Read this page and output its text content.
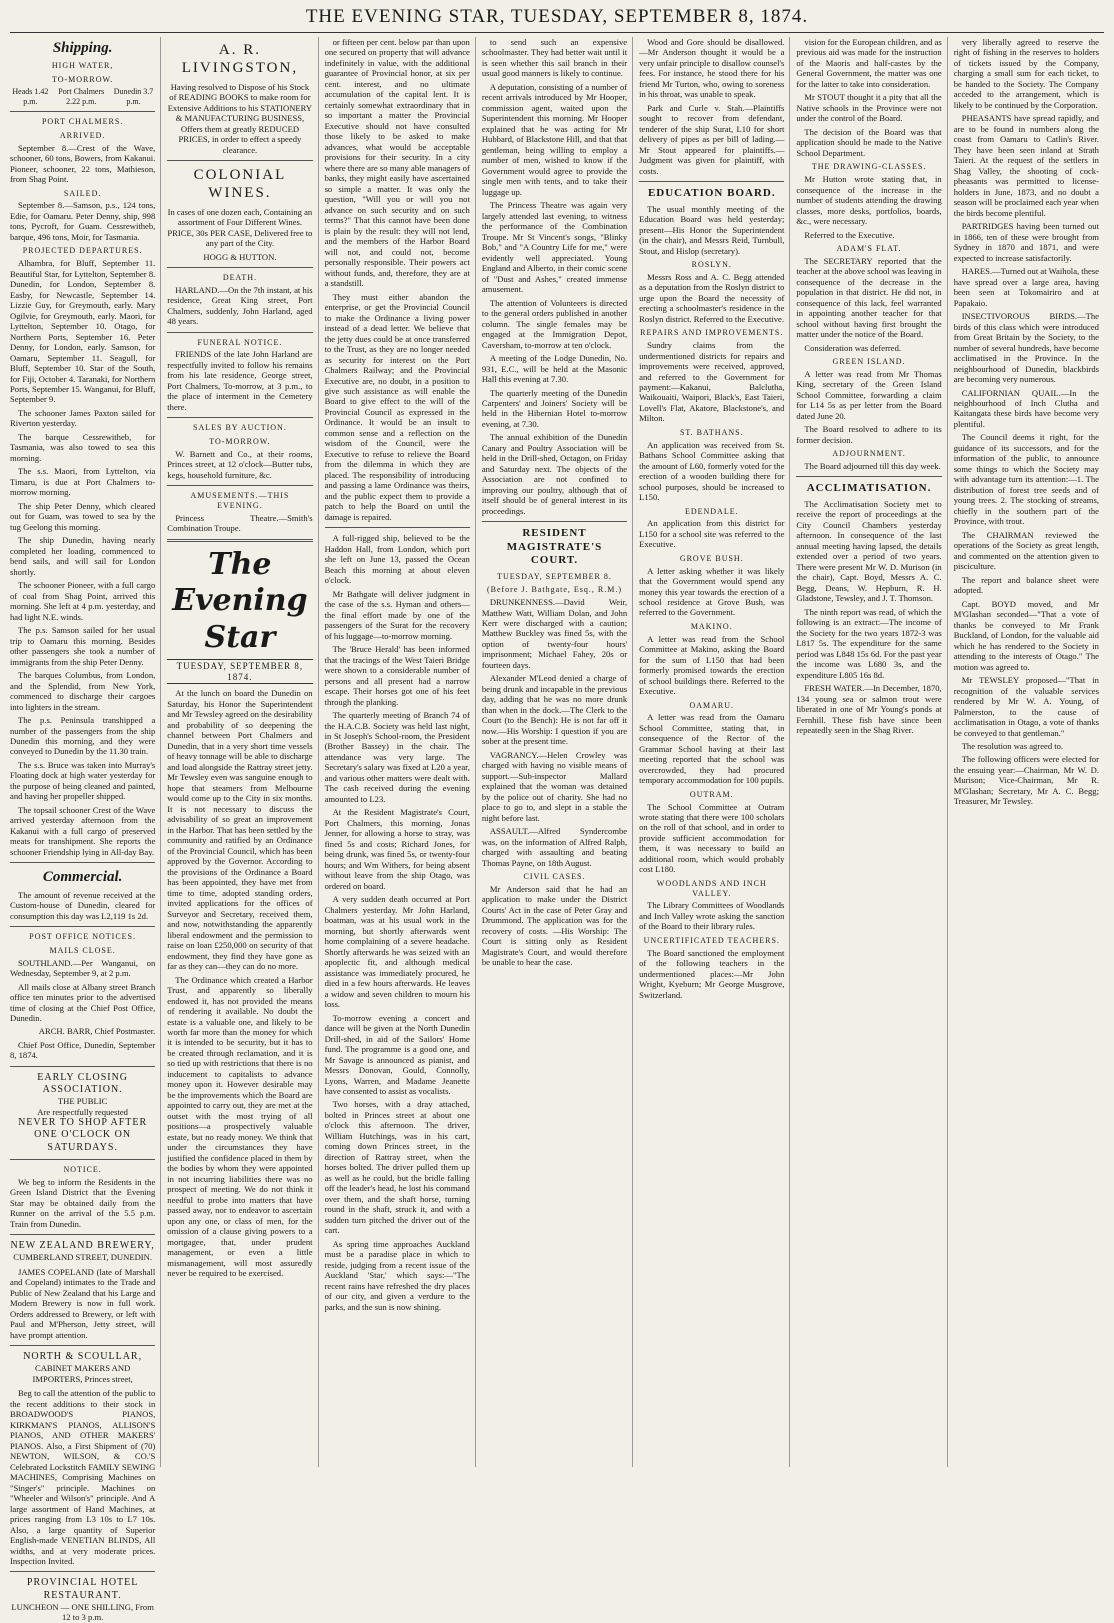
THE EVENING STAR, TUESDAY, SEPTEMBER 8, 1874.
Shipping.
HIGH WATER,
TO-MORROW.
Heads 1.42 p.m.
Port Chalmers 2.22 p.m.
Dunedin 3.7 p.m.
PORT CHALMERS.
ARRIVED.

September 8.—Crest of the Wave, schooner, 60 tons, Bowers, from Kakanui. Pioneer, schooner, 22 tons, Mathieson, from Shag Point.

SAILED.

September 8.—Samson, p.s., 124 tons, Edie, for Oamaru. Peter Denny, ship, 998 tons, Pycroft, for Guam. Cessrewitheb, barque, 496 tons, Moir, for Tasmania.

PROJECTED DEPARTURES.

Alhambra, for Bluff, September 11. Beautiful Star, for Lyttelton, September 8. Dunedin, for London, September 8. Easby, for Newcastle, September 14. Lizzie Guy, for Greymouth, early. Mary Ogilvie, for Greymouth, early. Maori, for Lyttelton, September 10. Otago, for Northern Ports, September 16. Peter Denny, for London, early. Samson, for Oamaru, September 11. Seagull, for Bluff, September 10. Star of the South, for Fiji, October 4. Taranaki, for Northern Ports, September 15. Wanganui, for Bluff, September 9.

The schooner James Paxton sailed for Riverton yesterday.

The barque Cessrewitheb, for Tasmania, was also towed to sea this morning.

The s.s. Maori, from Lyttelton, via Timaru, is due at Port Chalmers to-morrow morning.

The ship Peter Denny, which cleared out for Guam, was towed to sea by the tug Geelong this morning.

The ship Dunedin, having nearly completed her loading, commenced to bend sails, and will sail for London shortly.

The schooner Pioneer, with a full cargo of coal from Shag Point, arrived this morning. She left at 4 p.m. yesterday, and had light N.E. winds.

The p.s. Samson sailed for her usual trip to Oamaru this morning. Besides other passengers she took a number of immigrants from the ship Peter Denny.

The barques Columbus, from London, and the Splendid, from New York, commenced to discharge their cargoes into lighters in the stream.

The p.s. Peninsula transhipped a number of the passengers from the ship Dunedin this morning, and they were conveyed to Dunedin by the 11.30 train.

The s.s. Bruce was taken into Murray's Floating dock at high water yesterday for the purpose of being cleaned and painted, and having her propeller shipped.

The topsail schooner Crest of the Wave arrived yesterday afternoon from the Kakanui with a full cargo of preserved meats for transhipment. She reports the schooner Friendship lying in All-day Bay.

Commercial.

The amount of revenue received at the Custom-house of Dunedin, cleared for consumption this day was L2,119 1s 2d.

POST OFFICE NOTICES.
MAILS CLOSE.

SOUTHLAND.—Per Wanganui, on Wednesday, September 9, at 2 p.m.

All mails close at Albany street Branch office ten minutes prior to the advertised time of closing at the Chief Post Office, Dunedin.

ARCH. BARR, Chief Postmaster.

Chief Post Office, Dunedin, September 8, 1874.

EARLY CLOSING ASSOCIATION.
THE PUBLIC
Are respectfully requested
NEVER TO SHOP AFTER
ONE O'CLOCK ON SATURDAYS.
NOTICE.

We beg to inform the Residents in the Green Island District that the Evening Star may be obtained daily from the Runner on the arrival of the 5.5 p.m. Train from Dunedin.

NEW ZEALAND BREWERY,
CUMBERLAND STREET, DUNEDIN.

JAMES COPELAND (late of Marshall and Copeland) intimates to the Trade and Public of New Zealand that his Large and Modern Brewery is now in full work. Orders addressed to Brewery, or left with Paul and M'Pherson, Jetty street, will have prompt attention.

NORTH & SCOULLAR,
CABINET MAKERS AND IMPORTERS, Princes street,

Beg to call the attention of the public to the recent additions to their stock in BROADWOOD'S PIANOS, KIRKMAN'S PIANOS, ALLISON'S PIANOS, AND OTHER MAKERS' PIANOS. Also, a First Shipment of (70) NEWTON, WILSON, & CO.'S Celebrated Lockstitch FAMILY SEWING MACHINES, Comprising Machines on "Singer's" principle. Machines on "Wheeler and Wilson's" principle. And A large assortment of Hand Machines, at prices ranging from L3 10s to L7 10s. Also, a large quantity of Superior English-made VENETIAN BLINDS, All widths, and at very moderate prices. Inspection Invited.

PROVINCIAL HOTEL RESTAURANT.
LUNCHEON — ONE SHILLING, From 12 to 3 p.m.
A. R. LIVINGSTON,

Having resolved to Dispose of his Stock of READING BOOKS to make room for Extensive Additions to his STATIONERY & MANUFACTURING BUSINESS, Offers them at greatly REDUCED PRICES, in order to effect a speedy clearance.

COLONIAL WINES.

In cases of one dozen each, Containing an assortment of Four Different Wines. PRICE, 30s PER CASE, Delivered free to any part of the City.

HOGG & HUTTON.

DEATH.

HARLAND.—On the 7th instant, at his residence, Great King street, Port Chalmers, suddenly, John Harland, aged 48 years.

FUNERAL NOTICE.

FRIENDS of the late John Harland are respectfully invited to follow his remains from his late residence, George street, Port Chalmers, To-morrow, at 3 p.m., to the place of interment in the Cemetery there.

SALES BY AUCTION.
TO-MORROW.

W. Barnett and Co., at their rooms, Princes street, at 12 o'clock—Butter tubs, kegs, household furniture, &c.

AMUSEMENTS.—THIS EVENING.

Princess Theatre.—Smith's Combination Troupe.

The Evening Star
TUESDAY, SEPTEMBER 8, 1874.

At the lunch on board the Dunedin on Saturday, his Honor the Superintendent and Mr Tewsley agreed on the desirability and probability of so deepening the channel between Port Chalmers and Dunedin, that in a very short time vessels of heavy tonnage will be able to discharge and load alongside the Rattray street jetty. Mr Tewsley even was sanguine enough to hope that steamers from Melbourne would come up to the City in six months. It is not necessary to discuss the advisability of so great an improvement in the Harbor. That has been settled by the community and ratified by an Ordinance of the Provincial Council, which has been approved by the Governor. According to the provisions of the Ordinance a Board has been appointed, they have met from time to time, adopted standing orders, invited applications for the offices of Surveyor and Secretary, received them, and now, notwithstanding the apparently liberal endowment and the permission to raise on loan £250,000 on security of that endowment, they find they have gone as far as they can—they can do no more.

The Ordinance which created a Harbor Trust, and apparently so liberally endowed it, has not provided the means of rendering it available. No doubt the estate is a valuable one, and likely to be worth far more than the money for which it is intended to be security, but it has to be created through reclamation, and it is so tied up with restrictions that there is no inducement to capitalists to advance money upon it. However desirable may be the improvements which the Board are appointed to carry out, they are met at the outset with the most trying of all positions—a prospectively valuable estate, but no ready money. We think that under the circumstances they have justified the confidence placed in them by the bodies by whom they were appointed in not incurring liabilities there was no prospect of meeting. We do not think it needful to probe into matters that have passed away, nor to endeavor to ascertain upon any one, or class of men, for the omission of a clause giving powers to a mortgagee, that, under prudent management, or even a little mismanagement, will most assuredly never be required to be exercised.

or fifteen per cent. below par than upon one secured on property that will advance indefinitely in value, with the additional guarantee of Provincial honor, at six per cent. interest, and no ultimate accumulation of the capital lent. It is certainly somewhat extraordinary that in so important a matter the Provincial Executive should not have consulted those likely to be asked to make advances, what would be acceptable provisions for their security. In a city where there are so many able managers of banks, they might easily have ascertained so simple a matter. It was only the question, "Will you or will you not advance on such security and on such terms?" That this cannot have been done is plain by the result: they will not lend, and the members of the Harbor Board will not, and could not, become personally responsible. Their powers act without funds, and, therefore, they are at a standstill.

They must either abandon the enterprise, or get the Provincial Council to make the Ordinance a living power instead of a dead letter. We believe that the jetty dues could be at once transferred to the Trust, as they are no longer needed as security for interest on the Port Chalmers Railway; and the Provincial Executive are, no doubt, in a position to give such assistance as will enable the Board to give effect to the will of the Provincial Council as expressed in the Ordinance. It would be an insult to common sense and a reflection on the wisdom of the Council, were the Executive to refuse to relieve the Board from the dilemma in which they are placed. The responsibility of introducing and passing a lame Ordinance was theirs, and the public expect them to provide a patch to help the Board on until the damage is repaired.

A full-rigged ship, believed to be the Haddon Hall, from London, which port she left on June 13, passed the Ocean Beach this morning at about eleven o'clock.

Mr Bathgate will deliver judgment in the case of the s.s. Hyman and others—the final effort made by one of the passengers of the Surat for the recovery of his luggage—to-morrow morning.

The 'Bruce Herald' has been informed that the tracings of the West Taieri Bridge were shown to a considerable number of persons and all present had a narrow escape. Their horses got one of his feet through the planking.

The quarterly meeting of Branch 74 of the H.A.C.B. Society was held last night, in St Joseph's School-room, the President (Brother Bassey) in the chair. The attendance was very large. The Secretary's salary was fixed at L20 a year, and various other matters were dealt with. The cash received during the evening amounted to L23.

At the Resident Magistrate's Court, Port Chalmers, this morning, Jonas Jenner, for allowing a horse to stray, was fined 5s and costs; Richard Jones, for being drunk, was fined 5s, or twenty-four hours; and Wm Withers, for being absent without leave from the ship Otago, was ordered on board.

A very sudden death occurred at Port Chalmers yesterday. Mr John Harland, boatman, was at his usual work in the morning, but shortly afterwards went home complaining of a severe headache. Shortly afterwards he was seized with an apoplectic fit, and although medical assistance was immediately procured, he died in a few hours afterwards. He leaves a widow and seven children to mourn his loss.

To-morrow evening a concert and dance will be given at the North Dunedin Drill-shed, in aid of the Sailors' Home fund. The programme is a good one, and Mr Savage is announced as pianist, and Messrs Donovan, Gould, Connolly, Lyons, Warren, and Madame Jeanette have consented to assist as vocalists.

Two horses, with a dray attached, bolted in Princes street at about one o'clock this afternoon. The driver, William Hutchings, was in his cart, coming down Princes street, in the direction of Rattray street, when the horses bolted. The driver pulled them up as well as he could, but the bridle falling off the leader's head, he lost his command over them, and the shaft horse, turning round in the shaft, struck it, and with a sudden turn pitched the driver out of the cart.

As spring time approaches Auckland must be a paradise place in which to reside, judging from a recent issue of the Auckland 'Star,' which says:—"The recent rains have refreshed the dry places of our city, and given a verdure to the parks, and the sun is now shining.

to send such an expensive schoolmaster. They had better wait until it is seen whether this sail branch in their usual good manners is likely to continue.

A deputation, consisting of a number of recent arrivals introduced by Mr Hooper, commission agent, waited upon the Superintendent this morning. Mr Hooper explained that he was acting for Mr Hubbard, of Blackstone Hill, and that that gentleman, being willing to employ a number of men, wished to know if the Government would agree to provide the single men with tents, and to take their luggage up.

The Princess Theatre was again very largely attended last evening, to witness the performance of the Combination Troupe. Mr St Vincent's songs, "Blinky Bob," and "A Country Life for me," were evidently well appreciated. Young England and Alberto, in their comic scene of "Dust and Ashes," created immense amusement.

The attention of Volunteers is directed to the general orders published in another column. The single females may be engaged at the Immigration Depot, Caversham, to-morrow at ten o'clock.

A meeting of the Lodge Dunedin, No. 931, E.C., will be held at the Masonic Hall this evening at 7.30.

The quarterly meeting of the Dunedin Carpenters' and Joiners' Society will be held in the Hibernian Hotel to-morrow evening, at 7.30.

The annual exhibition of the Dunedin Canary and Poultry Association will be held in the Drill-shed, Octagon, on Friday and Saturday next. The objects of the Association are not confined to improving our poultry, although that of itself should be of general interest in its proceedings.

RESIDENT MAGISTRATE'S COURT.
TUESDAY, SEPTEMBER 8.
(Before J. Bathgate, Esq., R.M.)

DRUNKENNESS.—David Weir, Matthew Watt, William Dolan, and John Kerr were discharged with a caution; Matthew Buckley was fined 5s, with the option of twenty-four hours' imprisonment; Michael Fahey, 20s or fourteen days.

Alexander M'Leod denied a charge of being drunk and incapable in the previous day, adding that he was no more drunk than when in the dock.—The Clerk to the Court (to the Bench): He is not far off it now.—His Worship: I question if you are sober at the present time.

VAGRANCY.—Helen Crowley was charged with having no visible means of support.—Sub-inspector Mallard explained that the woman was detained by the police out of charity. She had no place to go to, and slept in a stable the night before last.

ASSAULT.—Alfred Syndercombe was, on the information of Alfred Ralph, charged with assaulting and beating Thomas Payne, on 18th August.

CIVIL CASES.

Mr Anderson said that he had an application to make under the District Courts' Act in the case of Peter Gray and Drummond. The application was for the recovery of costs. —His Worship: The Court is sitting only as Resident Magistrate's Court, and would therefore be unable to hear the case.

Wood and Gore should be disallowed.—Mr Anderson thought it would be a very unfair principle to disallow counsel's fees. For instance, he stood there for his friend Mr Turton, who, owing to soreness in his throat, was unable to speak.

Park and Curle v. Stah.—Plaintiffs sought to recover from defendant, tenderer of the ship Surat, L10 for short delivery of pipes as per bill of lading.—Mr Stout appeared for plaintiffs.—Judgment was given for plaintiff, with costs.

EDUCATION BOARD.

The usual monthly meeting of the Education Board was held yesterday; present—His Honor the Superintendent (in the chair), and Messrs Reid, Turnbull, Stout, and Hislop (secretary).

ROSLYN.

Messrs Ross and A. C. Begg attended as a deputation from the Roslyn district to urge upon the Board the necessity of erecting a schoolmaster's residence in the Roslyn district. Referred to the Executive.

REPAIRS AND IMPROVEMENTS.

Sundry claims from the undermentioned districts for repairs and improvements were received, approved, and referred to the Government for payment:—Kakanui, Balclutha, Waikouaiti, Waipori, Black's, East Taieri, Lovell's Flat, Akatore, Blackstone's, and Milton.

ST. BATHANS.

An application was received from St. Bathans School Committee asking that the amount of L60, formerly voted for the erection of a wooden building there for school purposes, should be increased to L150.

EDENDALE.

An application from this district for L150 for a school site was referred to the Executive.

GROVE BUSH.

A letter asking whether it was likely that the Government would spend any money this year towards the erection of a school residence at Grove Bush, was referred to the Government.

MAKINO.

A letter was read from the School Committee at Makino, asking the Board for the sum of L150 that had been formerly promised towards the erection of school buildings there. Referred to the Executive.

OAMARU.

A letter was read from the Oamaru School Committee, stating that, in consequence of the Rector of the Grammar School having at their last meeting reported that the school was overcrowded, they had procured temporary accommodation for 100 pupils.

OUTRAM.

The School Committee at Outram wrote stating that there were 100 scholars on the roll of that school, and in order to provide sufficient accommodation for them, it was necessary to build an additional room, which would probably cost L180.

WOODLANDS AND INCH VALLEY.

The Library Committees of Woodlands and Inch Valley wrote asking the sanction of the Board to their library rules.

UNCERTIFICATED TEACHERS.

The Board sanctioned the employment of the following teachers in the undermentioned places:—Mr John Wright, Kyeburn; Mr George Musgrove, Switzerland.

vision for the European children, and as previous aid was made for the instruction of the Maoris and half-castes by the General Government, the matter was one for the latter to take into consideration.

Mr STOUT thought it a pity that all the Native schools in the Province were not under the control of the Board.

The decision of the Board was that application should be made to the Native School Department.

THE DRAWING-CLASSES.

Mr Hutton wrote stating that, in consequence of the increase in the number of students attending the drawing classes, more desks, portfolios, boards, &c., were necessary.

Referred to the Executive.

ADAM'S FLAT.

The SECRETARY reported that the teacher at the above school was leaving in consequence of the decrease in the population in that district. He did not, in consequence of this lack, feel warranted in appointing another teacher for that school without having first brought the matter under the notice of the Board.

Consideration was deferred.

GREEN ISLAND.

A letter was read from Mr Thomas King, secretary of the Green Island School Committee, forwarding a claim for L14 5s as per letter from the Board dated June 20.

The Board resolved to adhere to its former decision.

ADJOURNMENT.

The Board adjourned till this day week.

ACCLIMATISATION.

The Acclimatisation Society met to receive the report of proceedings at the City Council Chambers yesterday afternoon. In consequence of the last annual meeting having lapsed, the details extended over a period of two years. There were present Mr W. D. Murison (in the chair), Capt. Boyd, Messrs A. C. Begg, Deans, W. Hepburn, R. H. Gladstone, Tewsley, and J. T. Thomson.

The ninth report was read, of which the following is an extract:—The income of the Society for the two years 1872-3 was L817 5s. The expenditure for the same period was L848 15s 6d. For the past year the income was L680 3s, and the expenditure L805 16s 8d.

FRESH WATER.—In December, 1870, 134 young sea or salmon trout were liberated in one of Mr Young's ponds at Fernhill. These fish have since been repeatedly seen in the Shag River.

very liberally agreed to reserve the right of fishing in the reserves to holders of tickets issued by the Company, charging a small sum for each ticket, to be handed to the Society. The Company acceded to the arrangement, which is likely to be continued by the Corporation.

PHEASANTS have spread rapidly, and are to be found in numbers along the coast from Oamaru to Catlin's River. They have been seen inland at Strath Taieri. At the request of the settlers in Shag Valley, the shooting of cock-pheasants was permitted to license-holders in June, 1873, and no doubt a season will be proclaimed each year when the birds become plentiful.

PARTRIDGES having been turned out in 1866, ten of these were brought from Sydney in 1870 and 1871, and were expected to increase satisfactorily.

HARES.—Turned out at Waihola, these have spread over a large area, having been seen at Tokomairiro and at Papakaio.

INSECTIVOROUS BIRDS.—The birds of this class which were introduced from Great Britain by the Society, to the number of several hundreds, have become acclimatised in the Province. In the neighbourhood of Dunedin, blackbirds are becoming very numerous.

CALIFORNIAN QUAIL.—In the neighbourhood of Inch Clutha and Kaitangata these birds have become very plentiful.

The Council deems it right, for the guidance of its successors, and for the information of the public, to announce some things to which the Society may with advantage turn its attention:—1. The distribution of forest tree seeds and of young trees. 2. The stocking of streams, chiefly in the southern part of the Province, with trout.

The CHAIRMAN reviewed the operations of the Society as great length, and commented on the attention given to pisciculture.

The report and balance sheet were adopted.

Capt. BOYD moved, and Mr M'Glashan seconded—"That a vote of thanks be conveyed to Mr Frank Buckland, of London, for the valuable aid which he has rendered to the Society in attending to the interests of Otago." The motion was agreed to.

Mr TEWSLEY proposed—"That in recognition of the valuable services rendered by Mr W. A. Young, of Palmerston, to the cause of acclimatisation in Otago, a vote of thanks be conveyed to that gentleman."

The resolution was agreed to.

The following officers were elected for the ensuing year:—Chairman, Mr W. D. Murison; Vice-Chairman, Mr R. M'Glashan; Secretary, Mr A. C. Begg; Treasurer, Mr Tewsley.
